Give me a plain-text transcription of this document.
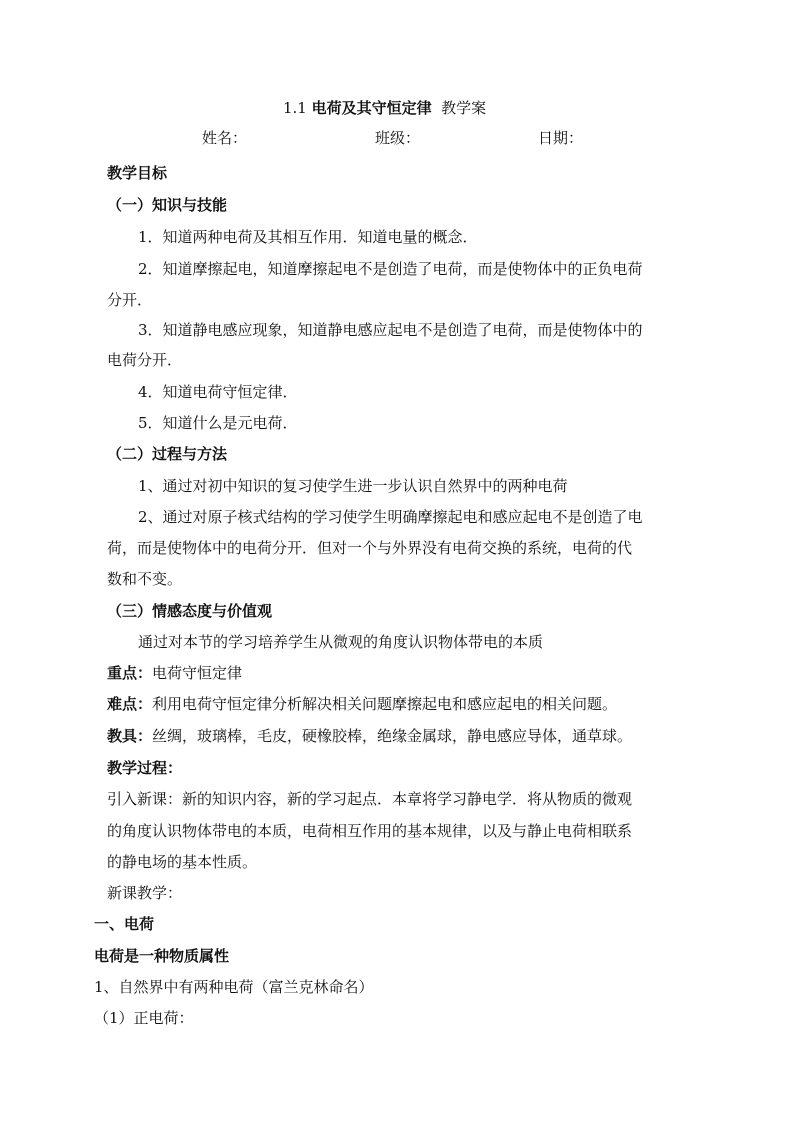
1.1 电荷及其守恒定律  教学案
姓名：	班级：	日期：
教学目标
（一）知识与技能
1．知道两种电荷及其相互作用．知道电量的概念．
2．知道摩擦起电，知道摩擦起电不是创造了电荷，而是使物体中的正负电荷
分开．
3．知道静电感应现象，知道静电感应起电不是创造了电荷，而是使物体中的
电荷分开．
4．知道电荷守恒定律．
5．知道什么是元电荷．
（二）过程与方法
1、通过对初中知识的复习使学生进一步认识自然界中的两种电荷
2、通过对原子核式结构的学习使学生明确摩擦起电和感应起电不是创造了电
荷，而是使物体中的电荷分开．但对一个与外界没有电荷交换的系统，电荷的代
数和不变。
（三）情感态度与价值观
通过对本节的学习培养学生从微观的角度认识物体带电的本质
重点：电荷守恒定律
难点：利用电荷守恒定律分析解决相关问题摩擦起电和感应起电的相关问题。
教具：丝绸，玻璃棒，毛皮，硬橡胶棒，绝缘金属球，静电感应导体，通草球。
教学过程：
引入新课：新的知识内容，新的学习起点．本章将学习静电学．将从物质的微观
的角度认识物体带电的本质，电荷相互作用的基本规律，以及与静止电荷相联系
的静电场的基本性质。
新课教学：
一、电荷
电荷是一种物质属性
1、自然界中有两种电荷（富兰克林命名）
（1）正电荷：
